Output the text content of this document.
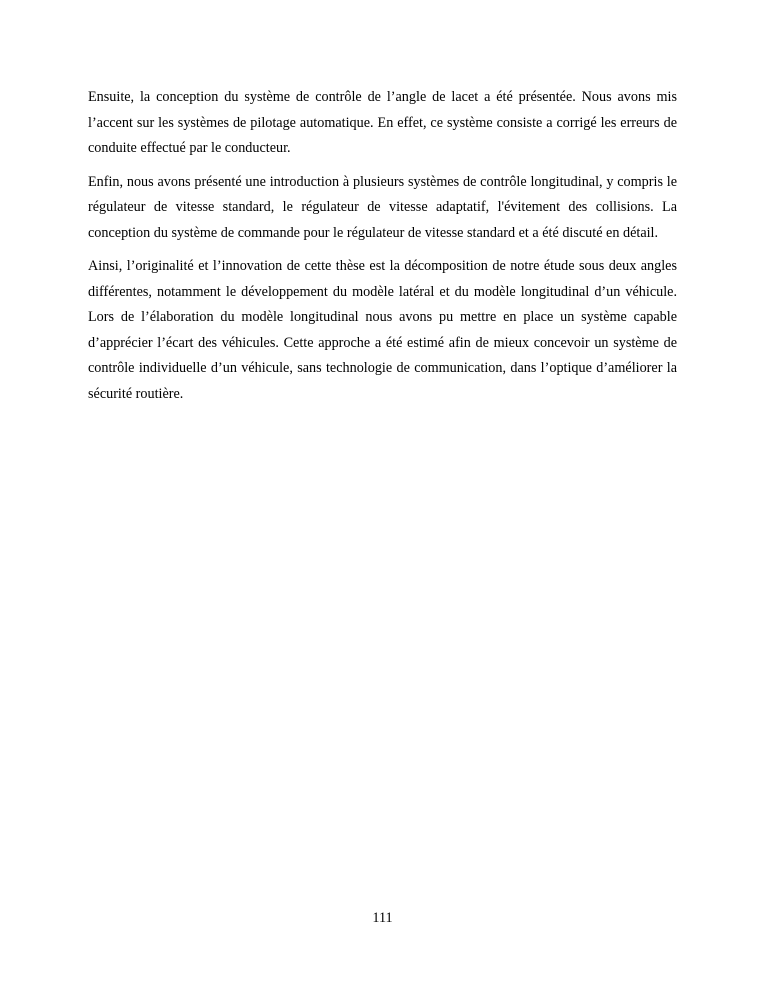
Ensuite, la conception du système de contrôle de l’angle de lacet a été présentée. Nous avons mis l’accent sur les systèmes de pilotage automatique. En effet, ce système consiste a corrigé les erreurs de conduite effectué par le conducteur.

Enfin, nous avons présenté une introduction à plusieurs systèmes de contrôle longitudinal, y compris le régulateur de vitesse standard, le régulateur de vitesse adaptatif, l'évitement des collisions. La conception du système de commande pour le régulateur de vitesse standard et a été discuté en détail.

Ainsi, l’originalité et l’innovation de cette thèse est la décomposition de notre étude sous deux angles différentes, notamment le développement du modèle latéral et du modèle longitudinal d’un véhicule. Lors de l’élaboration du modèle longitudinal nous avons pu mettre en place un système capable d’apprécier l’écart des véhicules. Cette approche a été estimé afin de mieux concevoir un système de contrôle individuelle d’un véhicule, sans technologie de communication, dans l’optique d’améliorer la sécurité routière.

111
